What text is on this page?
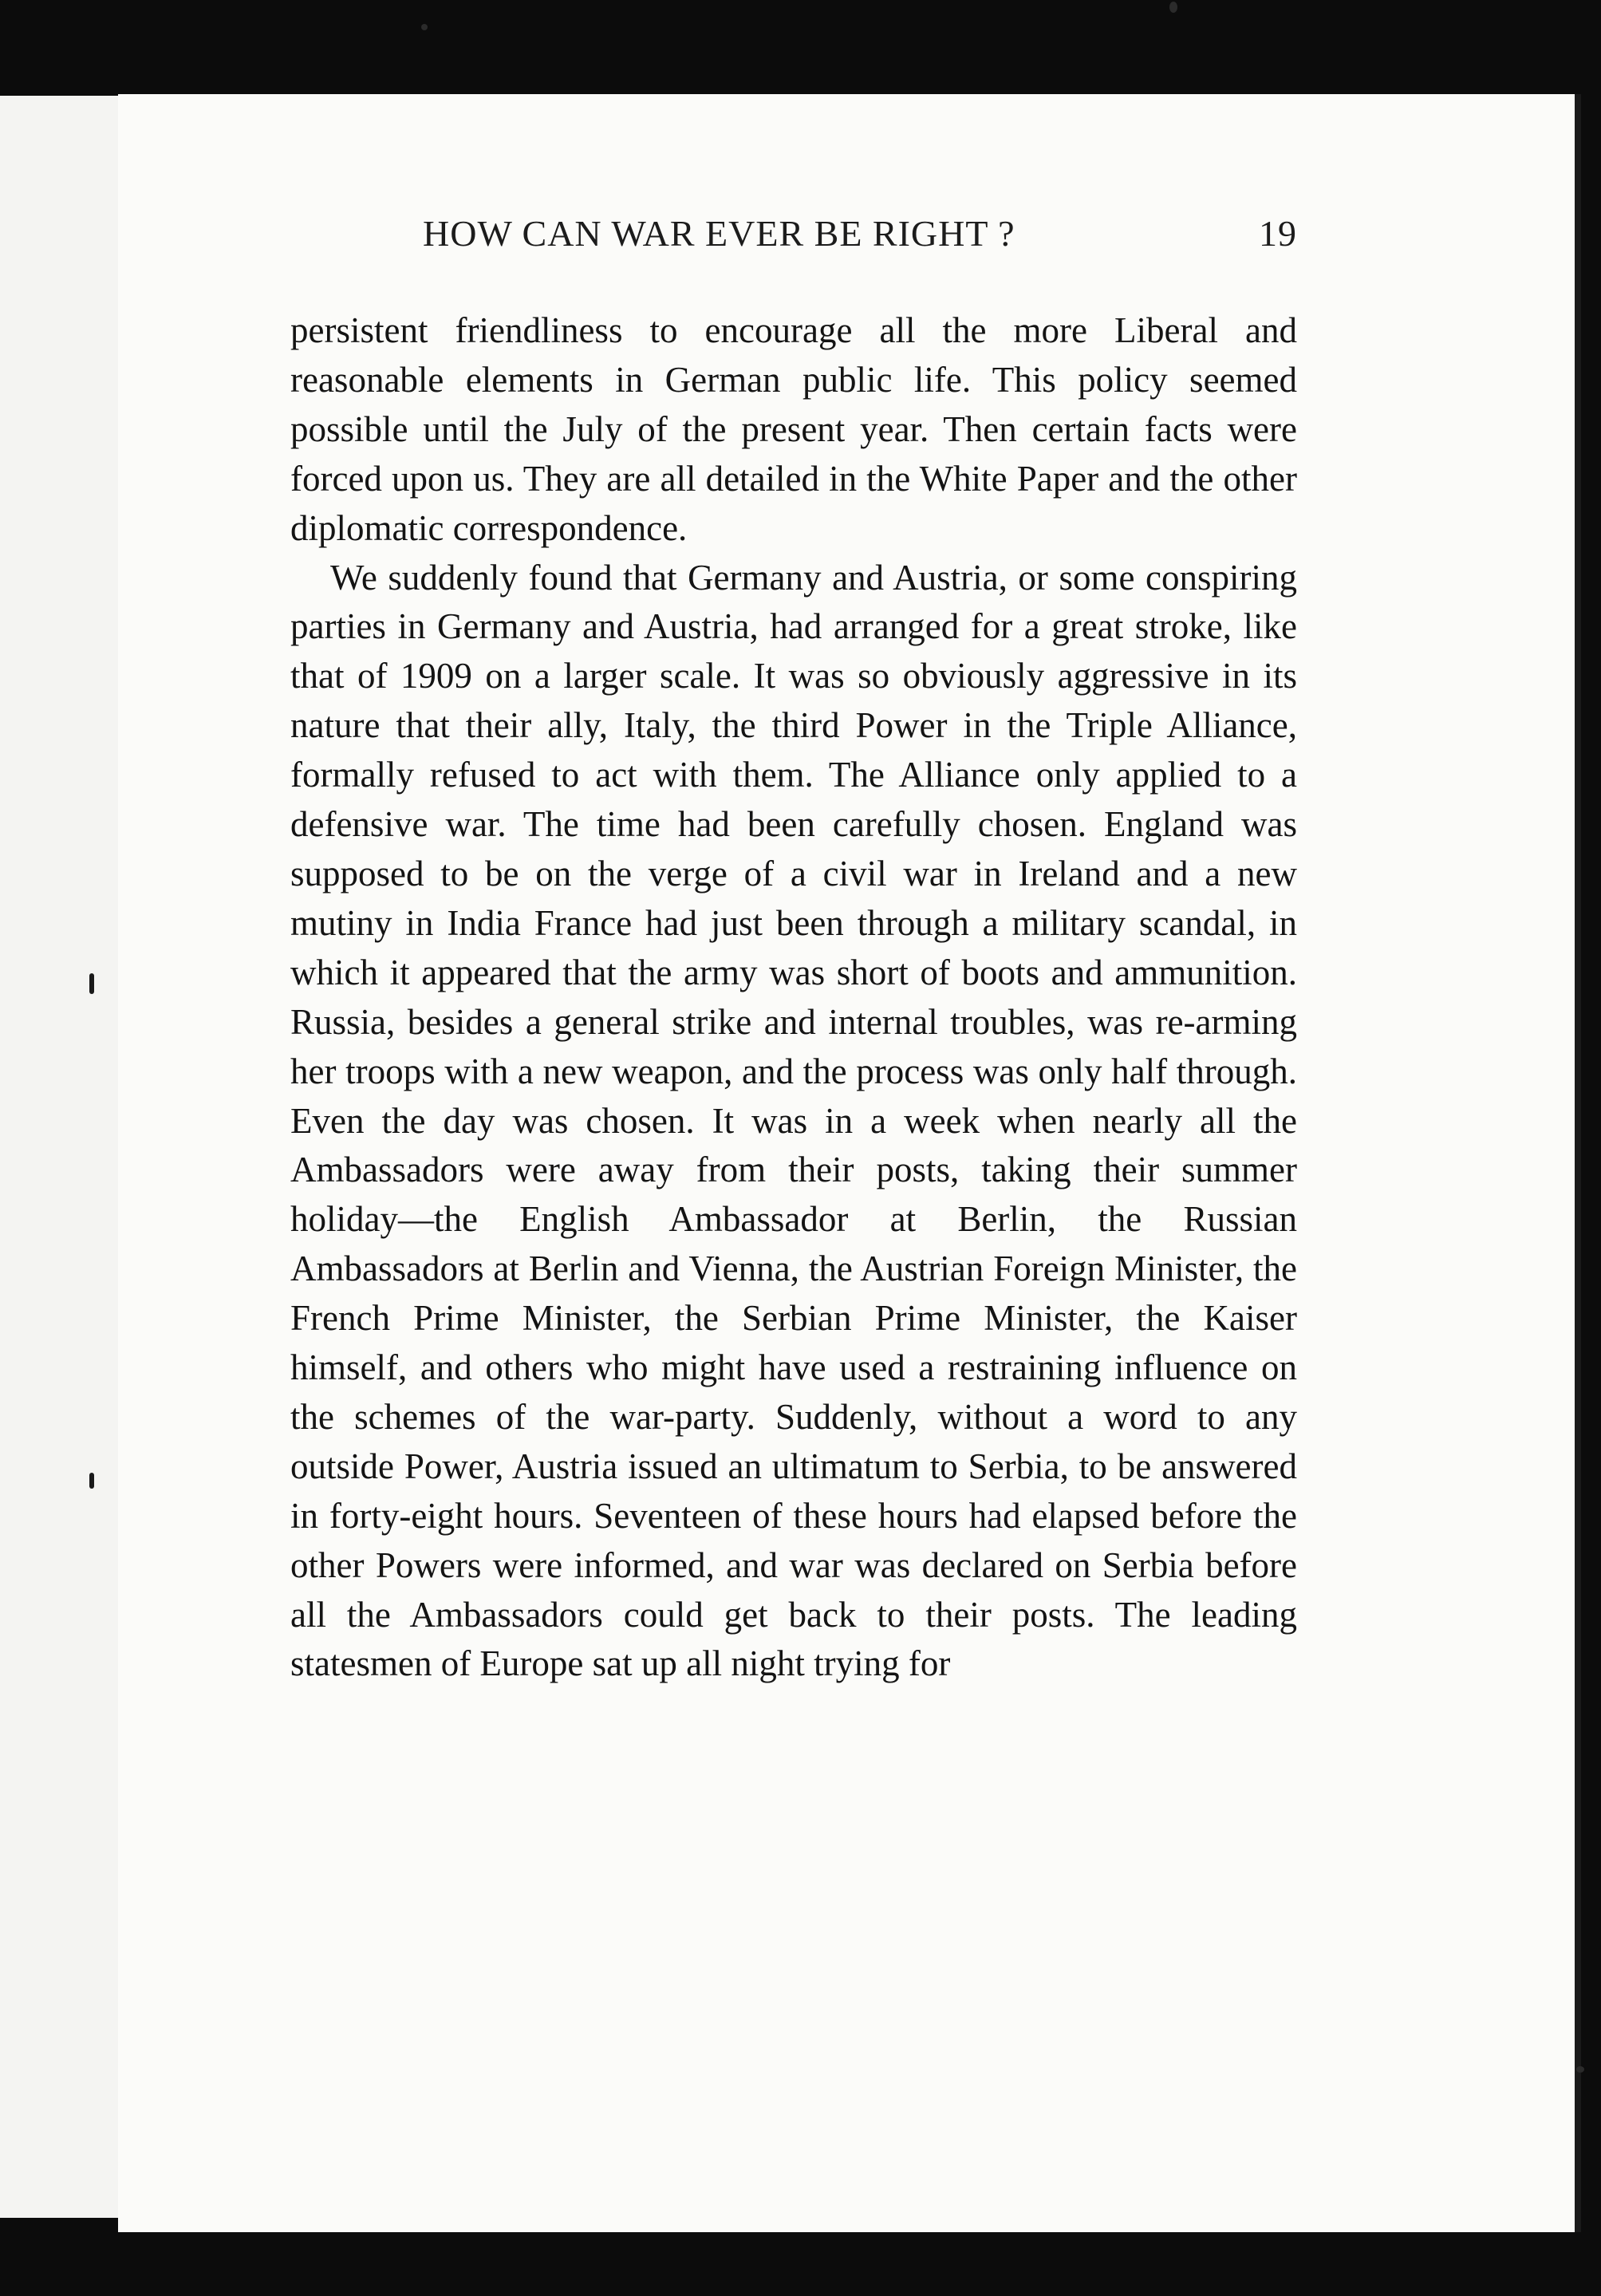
HOW CAN WAR EVER BE RIGHT ?	19

persistent friendliness to encourage all the more Liberal and reasonable elements in German public life. This policy seemed possible until the July of the present year. Then certain facts were forced upon us. They are all detailed in the White Paper and the other diplomatic correspondence.

We suddenly found that Germany and Austria, or some conspiring parties in Germany and Austria, had arranged for a great stroke, like that of 1909 on a larger scale. It was so obviously aggressive in its nature that their ally, Italy, the third Power in the Triple Alliance, formally refused to act with them. The Alliance only applied to a defensive war. The time had been carefully chosen. England was supposed to be on the verge of a civil war in Ireland and a new mutiny in India France had just been through a military scandal, in which it appeared that the army was short of boots and ammunition. Russia, besides a general strike and internal troubles, was re-arming her troops with a new weapon, and the process was only half through. Even the day was chosen. It was in a week when nearly all the Ambassadors were away from their posts, taking their summer holiday—the English Ambassador at Berlin, the Russian Ambassadors at Berlin and Vienna, the Austrian Foreign Minister, the French Prime Minister, the Serbian Prime Minister, the Kaiser himself, and others who might have used a restraining influence on the schemes of the war-party. Suddenly, without a word to any outside Power, Austria issued an ultimatum to Serbia, to be answered in forty-eight hours. Seventeen of these hours had elapsed before the other Powers were informed, and war was declared on Serbia before all the Ambassadors could get back to their posts. The leading statesmen of Europe sat up all night trying for
